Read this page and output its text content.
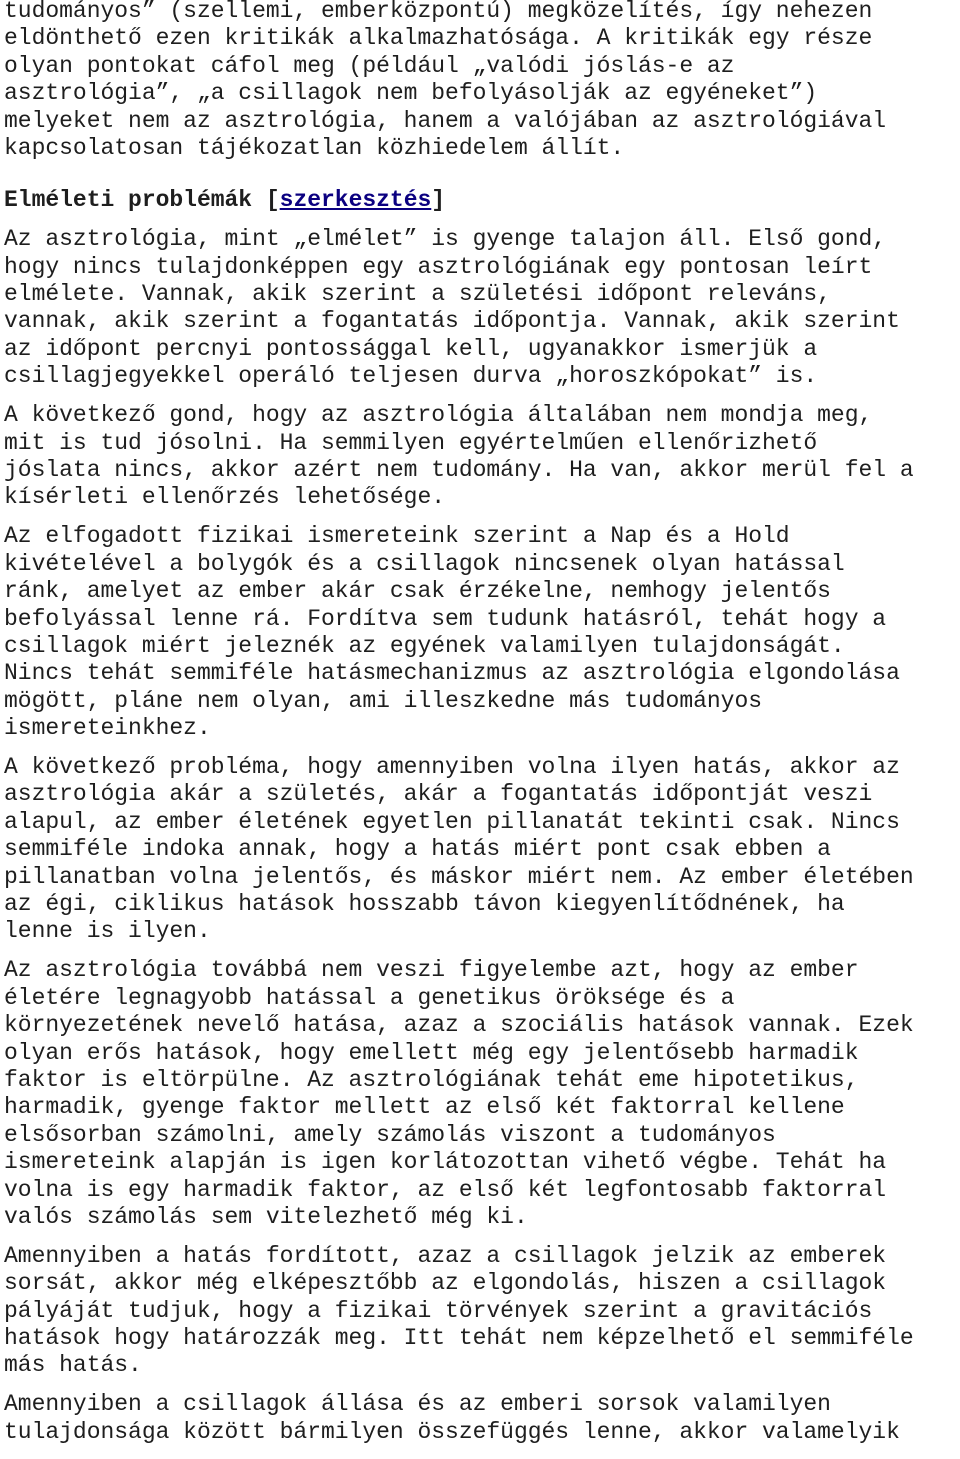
tudományos” (szellemi, emberközpontú) megközelítés, így nehezen
eldönthető ezen kritikák alkalmazhatósága. A kritikák egy része
olyan pontokat cáfol meg (például „valódi jóslás-e az
asztrológia”, „a csillagok nem befolyásolják az egyéneket”)
melyeket nem az asztrológia, hanem a valójában az asztrológiával
kapcsolatosan tájékozatlan közhiedelem állít.
Elméleti problémák [szerkesztés]
Az asztrológia, mint „elmélet” is gyenge talajon áll. Első gond,
hogy nincs tulajdonképpen egy asztrológiának egy pontosan leírt
elmélete. Vannak, akik szerint a születési időpont releváns,
vannak, akik szerint a fogantatás időpontja. Vannak, akik szerint
az időpont percnyi pontossággal kell, ugyanakkor ismerjük a
csillagjegyekkel operáló teljesen durva „horoszkópokat” is.
A következő gond, hogy az asztrológia általában nem mondja meg,
mit is tud jósolni. Ha semmilyen egyértelműen ellenőrizhető
jóslata nincs, akkor azért nem tudomány. Ha van, akkor merül fel a
kísérleti ellenőrzés lehetősége.
Az elfogadott fizikai ismereteink szerint a Nap és a Hold
kivételével a bolygók és a csillagok nincsenek olyan hatással
ránk, amelyet az ember akár csak érzékelne, nemhogy jelentős
befolyással lenne rá. Fordítva sem tudunk hatásról, tehát hogy a
csillagok miért jeleznék az egyének valamilyen tulajdonságát.
Nincs tehát semmiféle hatásmechanizmus az asztrológia elgondolása
mögött, pláne nem olyan, ami illeszkedne más tudományos
ismereteinkhez.
A következő probléma, hogy amennyiben volna ilyen hatás, akkor az
asztrológia akár a születés, akár a fogantatás időpontját veszi
alapul, az ember életének egyetlen pillanatát tekinti csak. Nincs
semmiféle indoka annak, hogy a hatás miért pont csak ebben a
pillanatban volna jelentős, és máskor miért nem. Az ember életében
az égi, ciklikus hatások hosszabb távon kiegyenlítődnének, ha
lenne is ilyen.
Az asztrológia továbbá nem veszi figyelembe azt, hogy az ember
életére legnagyobb hatással a genetikus öröksége és a
környezetének nevelő hatása, azaz a szociális hatások vannak. Ezek
olyan erős hatások, hogy emellett még egy jelentősebb harmadik
faktor is eltörpülne. Az asztrológiának tehát eme hipotetikus,
harmadik, gyenge faktor mellett az első két faktorral kellene
elsősorban számolni, amely számolás viszont a tudományos
ismereteink alapján is igen korlátozottan vihető végbe. Tehát ha
volna is egy harmadik faktor, az első két legfontosabb faktorral
valós számolás sem vitelezhető még ki.
Amennyiben a hatás fordított, azaz a csillagok jelzik az emberek
sorsát, akkor még elképesztőbb az elgondolás, hiszen a csillagok
pályáját tudjuk, hogy a fizikai törvények szerint a gravitációs
hatások hogy határozzák meg. Itt tehát nem képzelhető el semmiféle
más hatás.
Amennyiben a csillagok állása és az emberi sorsok valamilyen
tulajdonsága között bármilyen összefüggés lenne, akkor valamelyik
